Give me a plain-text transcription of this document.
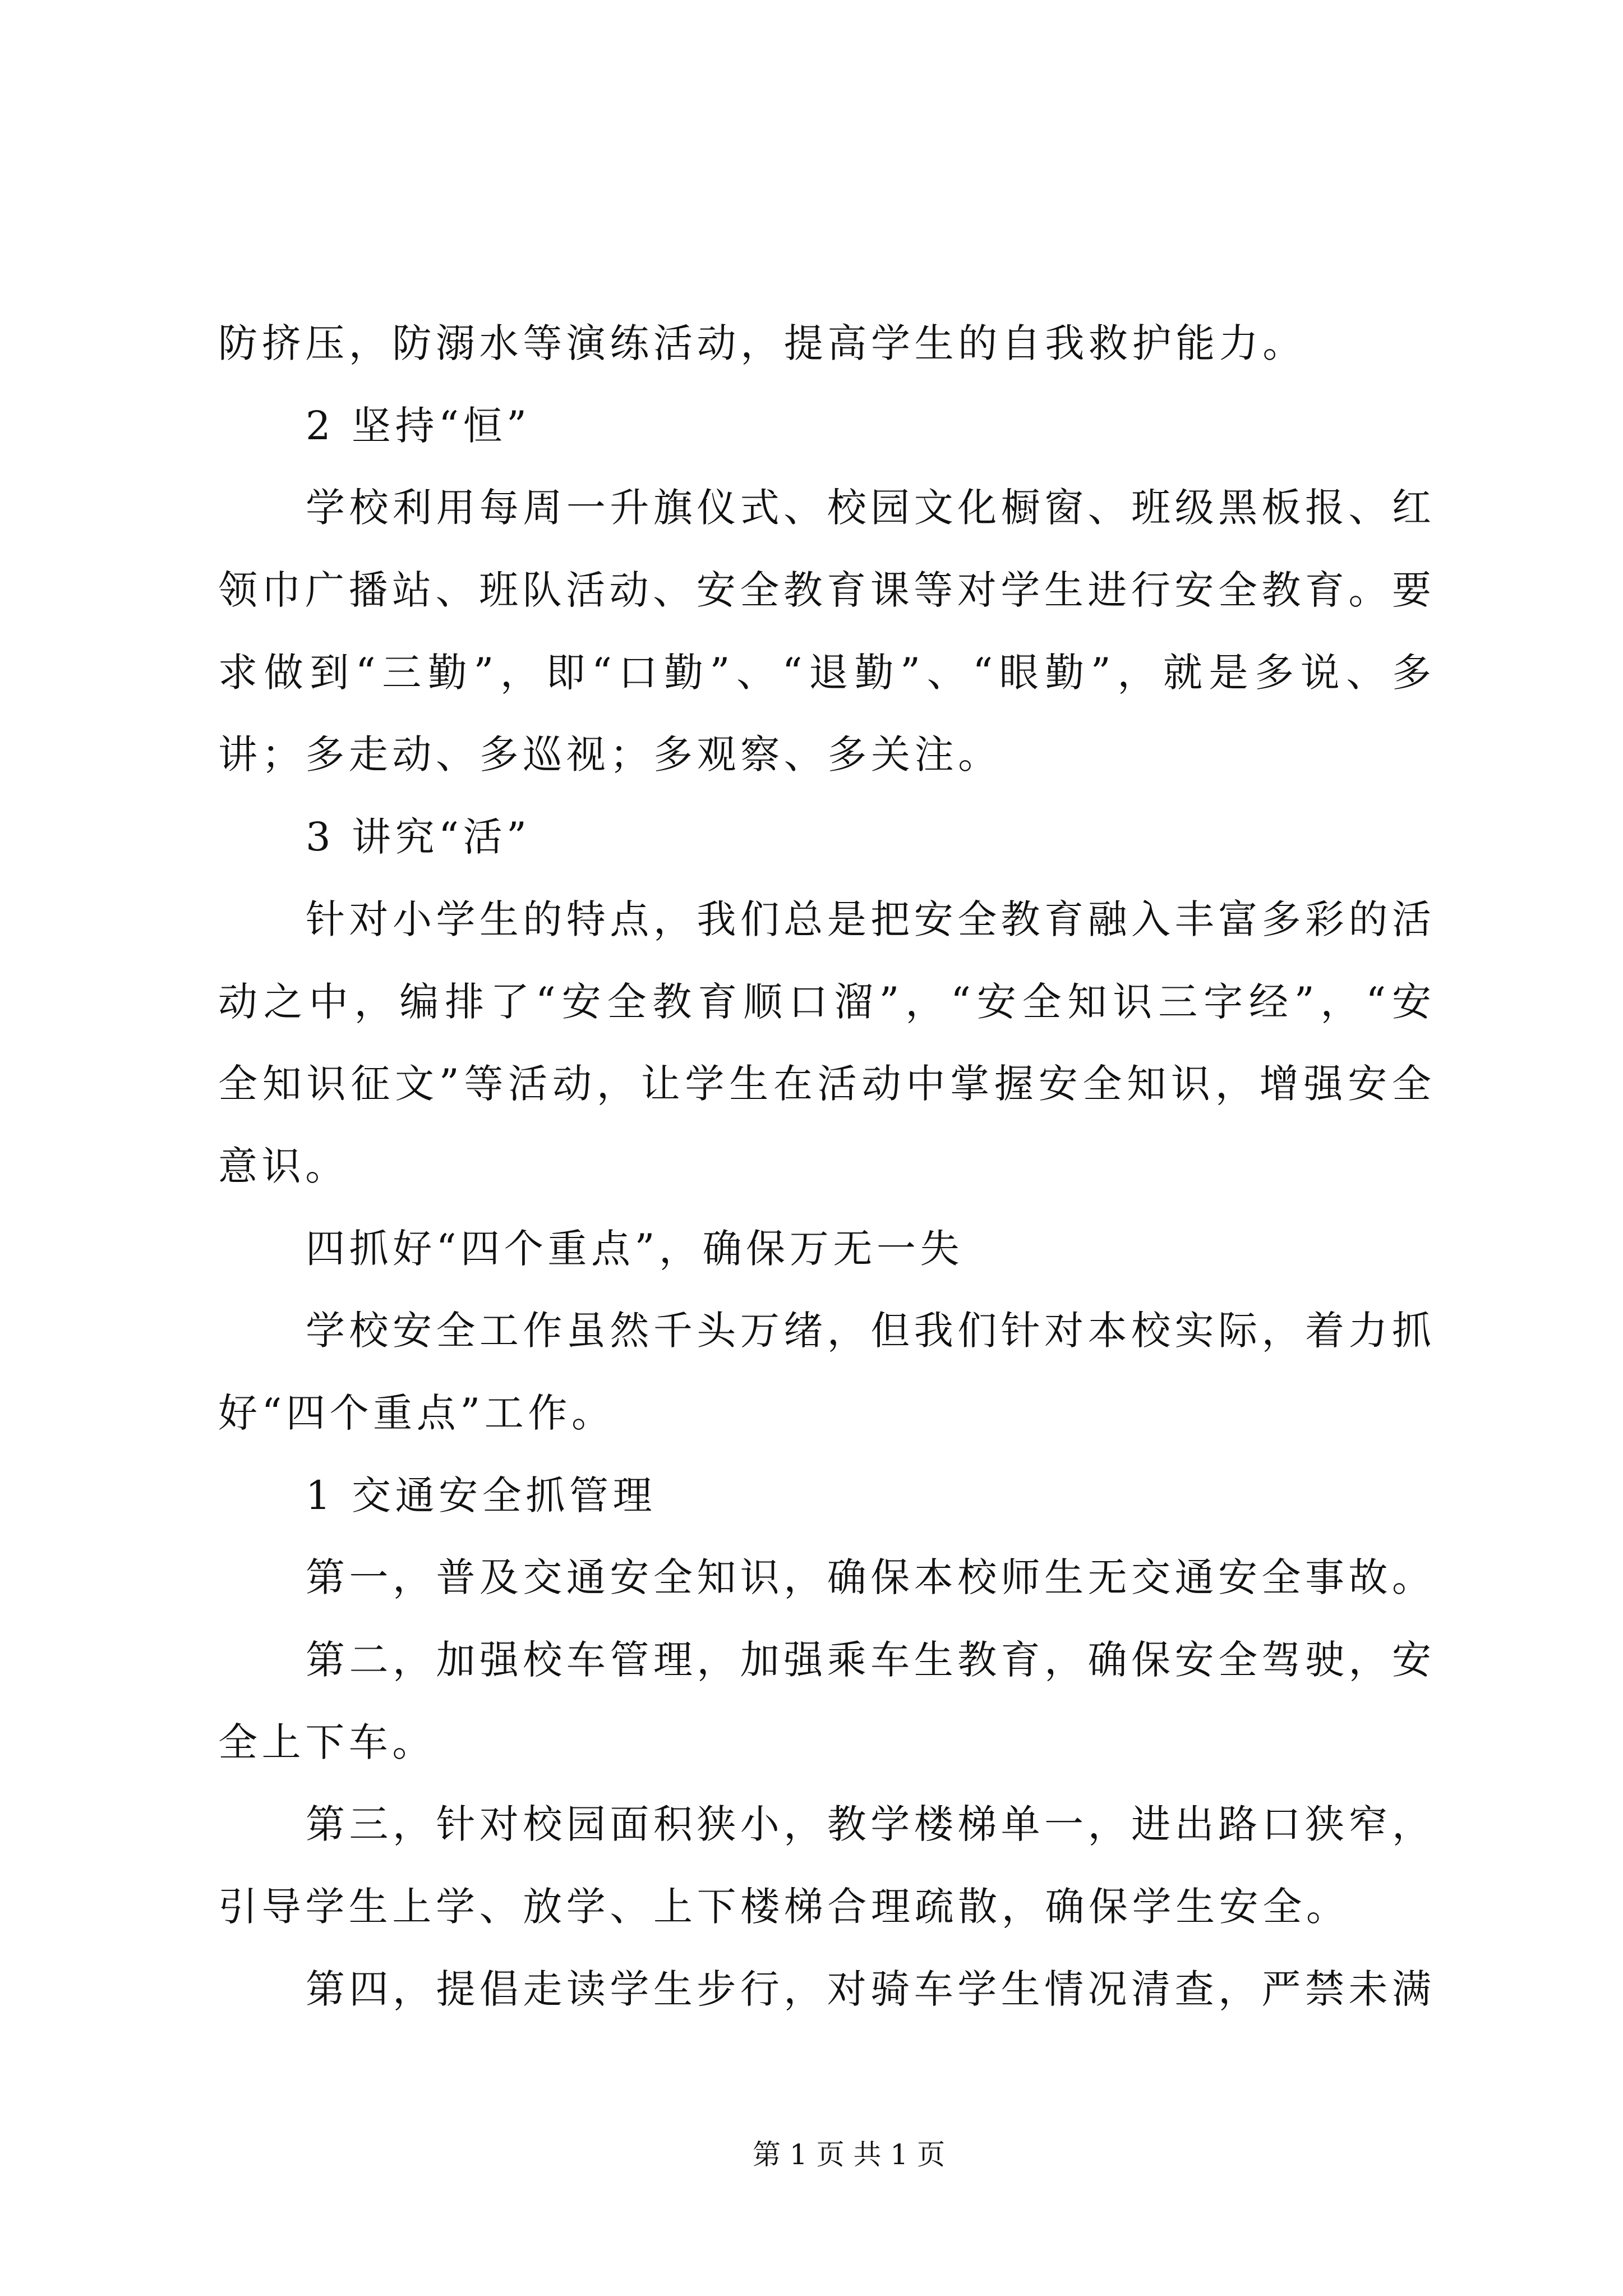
防挤压，防溺水等演练活动，提高学生的自我救护能力。
2 坚持“恒”
学校利用每周一升旗仪式、校园文化橱窗、班级黑板报、红
领巾广播站、班队活动、安全教育课等对学生进行安全教育。要
求做到“三勤”，即“口勤”、“退勤”、“眼勤”，就是多说、多
讲；多走动、多巡视；多观察、多关注。
3 讲究“活”
针对小学生的特点，我们总是把安全教育融入丰富多彩的活
动之中，编排了“安全教育顺口溜”，“安全知识三字经”，“安
全知识征文”等活动，让学生在活动中掌握安全知识，增强安全
意识。
四抓好“四个重点”，确保万无一失
学校安全工作虽然千头万绪，但我们针对本校实际，着力抓
好“四个重点”工作。
1 交通安全抓管理
第一，普及交通安全知识，确保本校师生无交通安全事故。
第二，加强校车管理，加强乘车生教育，确保安全驾驶，安
全上下车。
第三，针对校园面积狭小，教学楼梯单一，进出路口狭窄，
引导学生上学、放学、上下楼梯合理疏散，确保学生安全。
第四，提倡走读学生步行，对骑车学生情况清查，严禁未满
第 1 页 共 1 页
